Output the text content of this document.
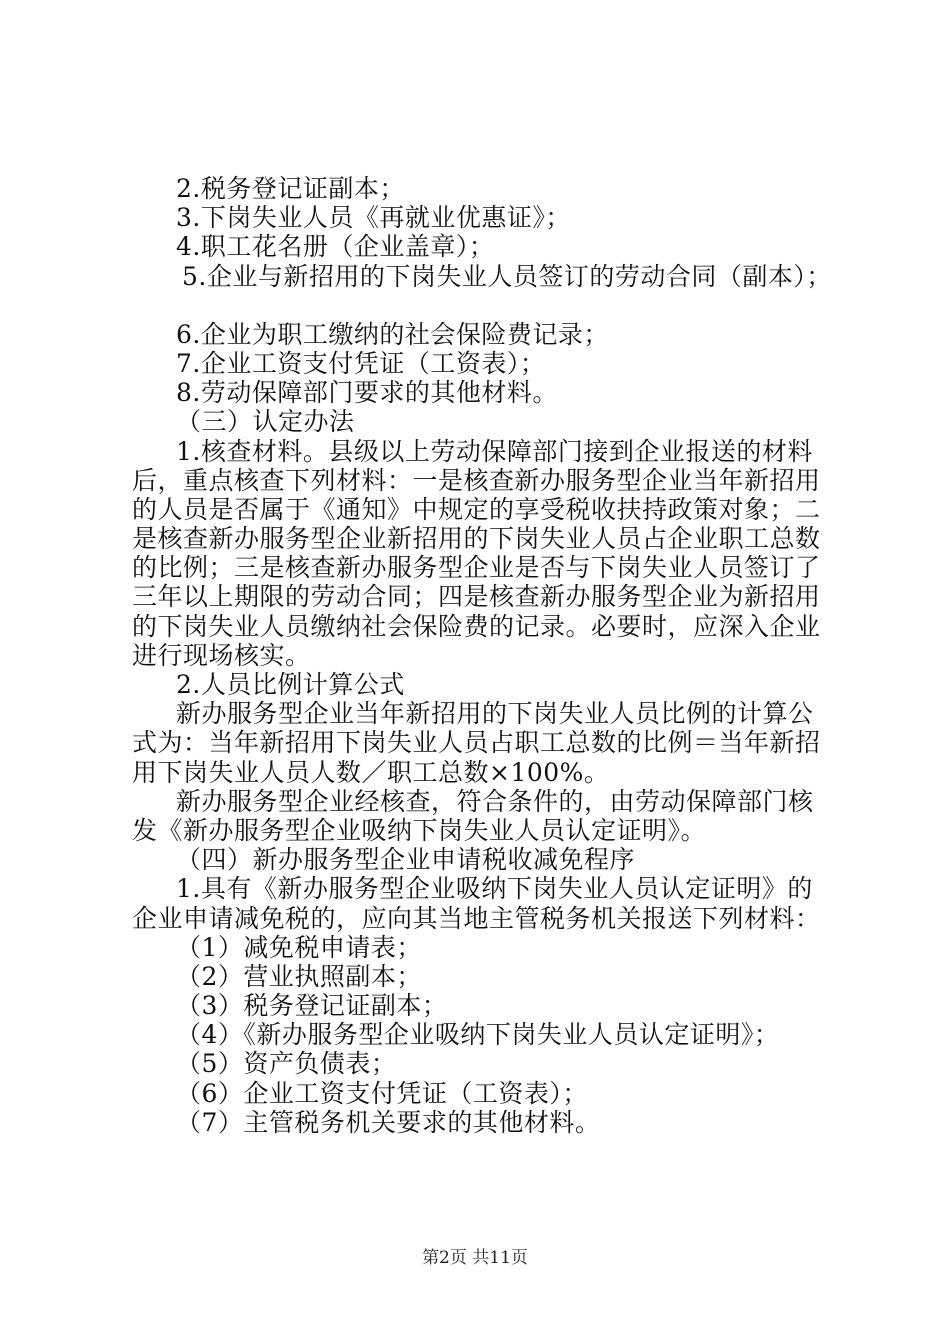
2.税务登记证副本；
3.下岗失业人员《再就业优惠证》；
4.职工花名册（企业盖章）；
5.企业与新招用的下岗失业人员签订的劳动合同（副本）；
6.企业为职工缴纳的社会保险费记录；
7.企业工资支付凭证（工资表）；
8.劳动保障部门要求的其他材料。
（三）认定办法
1.核查材料。县级以上劳动保障部门接到企业报送的材料
后，重点核查下列材料：一是核查新办服务型企业当年新招用
的人员是否属于《通知》中规定的享受税收扶持政策对象；二
是核查新办服务型企业新招用的下岗失业人员占企业职工总数
的比例；三是核查新办服务型企业是否与下岗失业人员签订了
三年以上期限的劳动合同；四是核查新办服务型企业为新招用
的下岗失业人员缴纳社会保险费的记录。必要时，应深入企业
进行现场核实。
2.人员比例计算公式
新办服务型企业当年新招用的下岗失业人员比例的计算公
式为：当年新招用下岗失业人员占职工总数的比例＝当年新招
用下岗失业人员人数／职工总数×100%。
新办服务型企业经核查，符合条件的，由劳动保障部门核
发《新办服务型企业吸纳下岗失业人员认定证明》。
（四）新办服务型企业申请税收减免程序
1.具有《新办服务型企业吸纳下岗失业人员认定证明》的
企业申请减免税的，应向其当地主管税务机关报送下列材料：
（1）减免税申请表；
（2）营业执照副本；
（3）税务登记证副本；
（4）《新办服务型企业吸纳下岗失业人员认定证明》；
（5）资产负债表；
（6）企业工资支付凭证（工资表）；
（7）主管税务机关要求的其他材料。
第2页 共11页
